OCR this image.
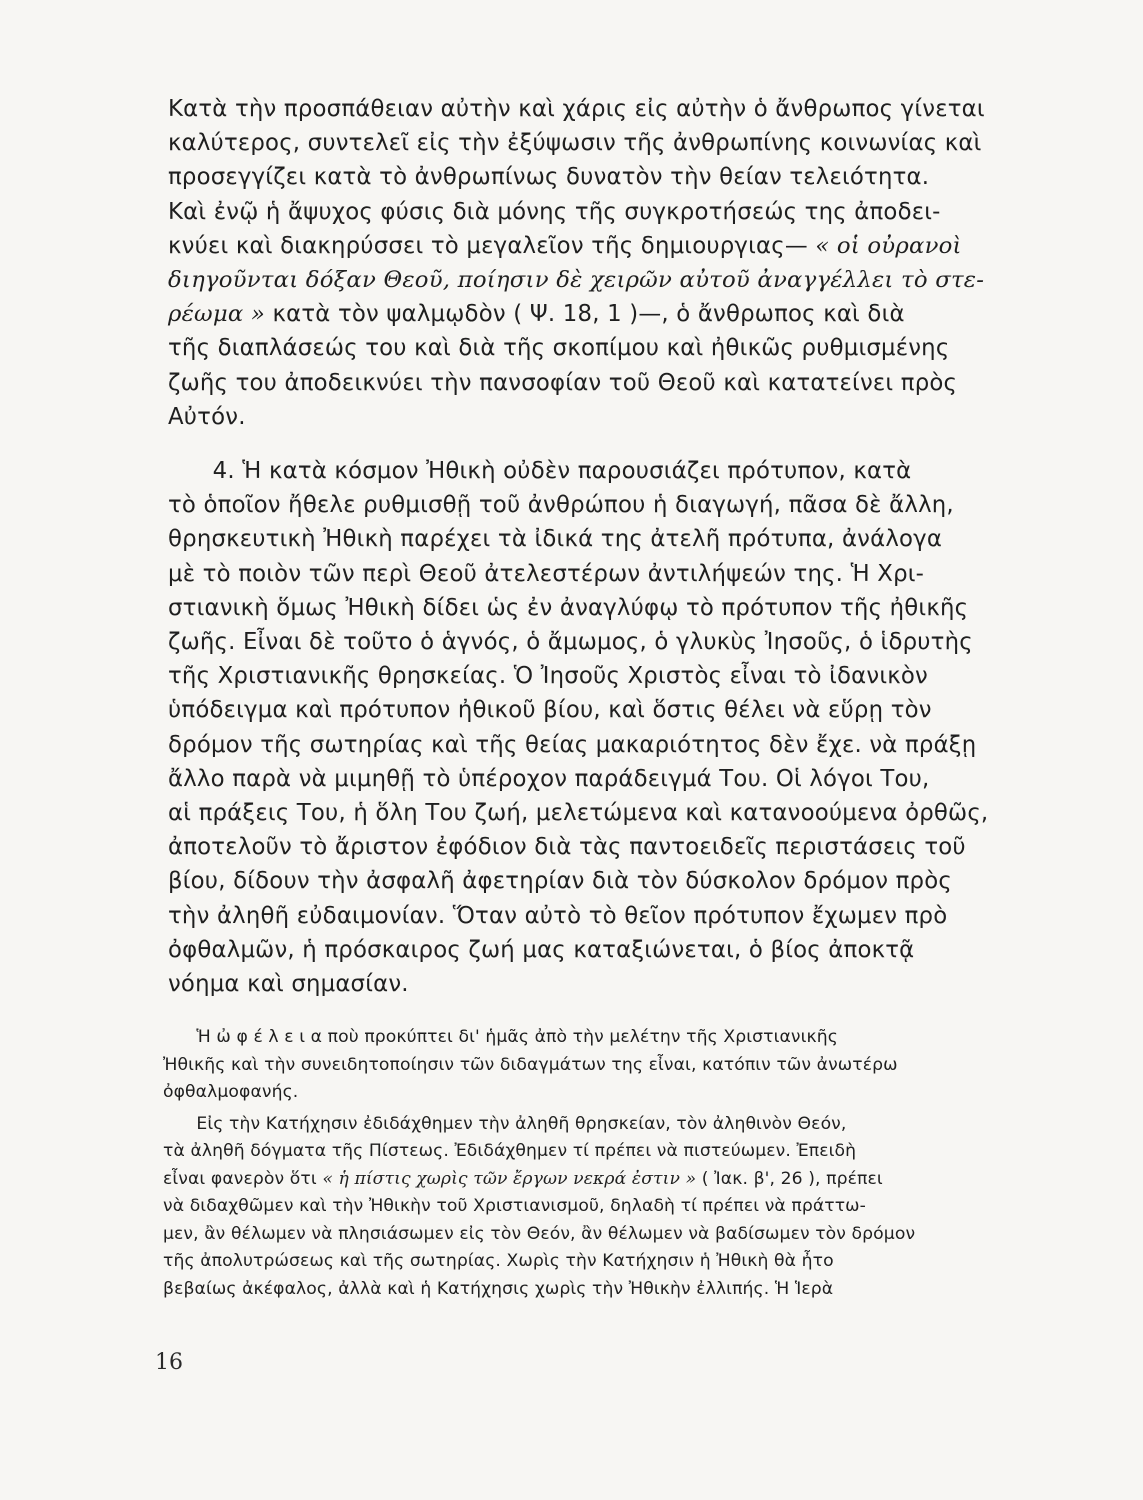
Κατὰ τὴν προσπάθειαν αὐτὴν καὶ χάρις εἰς αὐτὴν ὁ ἄνθρωπος γίνεται
καλύτερος, συντελεῖ εἰς τὴν ἐξύψωσιν τῆς ἀνθρωπίνης κοινωνίας καὶ
προσεγγίζει κατὰ τὸ ἀνθρωπίνως δυνατὸν τὴν θείαν τελειότητα.
Καὶ ἐνῷ ἡ ἄψυχος φύσις διὰ μόνης τῆς συγκροτήσεώς της ἀποδει-
κνύει καὶ διακηρύσσει τὸ μεγαλεῖον τῆς δημιουργιας— « οἱ οὐρανοὶ
διηγοῦνται δόξαν Θεοῦ, ποίησιν δὲ χειρῶν αὐτοῦ ἀναγγέλλει τὸ στε-
ρέωμα » κατὰ τὸν ψαλμῳδὸν ( Ψ. 18, 1 )—, ὁ ἄνθρωπος καὶ διὰ
τῆς διαπλάσεώς του καὶ διὰ τῆς σκοπίμου καὶ ἠθικῶς ρυθμισμένης
ζωῆς του ἀποδεικνύει τὴν πανσοφίαν τοῦ Θεοῦ καὶ κατατείνει πρὸς
Αὐτόν.
4. Ἡ κατὰ κόσμον Ἠθικὴ οὐδὲν παρουσιάζει πρότυπον, κατὰ
τὸ ὁποῖον ἤθελε ρυθμισθῇ τοῦ ἀνθρώπου ἡ διαγωγή, πᾶσα δὲ ἄλλη,
θρησκευτικὴ Ἠθικὴ παρέχει τὰ ἰδικά της ἀτελῆ πρότυπα, ἀνάλογα
μὲ τὸ ποιὸν τῶν περὶ Θεοῦ ἀτελεστέρων ἀντιλήψεών της. Ἡ Χρι-
στιανικὴ ὅμως Ἠθικὴ δίδει ὡς ἐν ἀναγλύφῳ τὸ πρότυπον τῆς ἠθικῆς
ζωῆς. Εἶναι δὲ τοῦτο ὁ ἁγνός, ὁ ἄμωμος, ὁ γλυκὺς Ἰησοῦς, ὁ ἱδρυτὴς
τῆς Χριστιανικῆς θρησκείας. Ὁ Ἰησοῦς Χριστὸς εἶναι τὸ ἰδανικὸν
ὑπόδειγμα καὶ πρότυπον ἠθικοῦ βίου, καὶ ὅστις θέλει νὰ εὕρῃ τὸν
δρόμον τῆς σωτηρίας καὶ τῆς θείας μακαριότητος δὲν ἔχε. νὰ πράξῃ
ἄλλο παρὰ νὰ μιμηθῇ τὸ ὑπέροχον παράδειγμά Του. Οἱ λόγοι Του,
αἱ πράξεις Του, ἡ ὅλη Του ζωή, μελετώμενα καὶ κατανοούμενα ὀρθῶς,
ἀποτελοῦν τὸ ἄριστον ἐφόδιον διὰ τὰς παντοειδεῖς περιστάσεις τοῦ
βίου, δίδουν τὴν ἀσφαλῆ ἀφετηρίαν διὰ τὸν δύσκολον δρόμον πρὸς
τὴν ἀληθῆ εὐδαιμονίαν. Ὅταν αὐτὸ τὸ θεῖον πρότυπον ἔχωμεν πρὸ
ὀφθαλμῶν, ἡ πρόσκαιρος ζωή μας καταξιώνεται, ὁ βίος ἀποκτᾷ
νόημα καὶ σημασίαν.
Ἡ ὠ φ έ λ ε ι α ποὺ προκύπτει δι' ἡμᾶς ἀπὸ τὴν μελέτην τῆς Χριστιανικῆς
Ἠθικῆς καὶ τὴν συνειδητοποίησιν τῶν διδαγμάτων της εἶναι, κατόπιν τῶν ἀνωτέρω
ὀφθαλμοφανής.
Εἰς τὴν Κατήχησιν ἐδιδάχθημεν τὴν ἀληθῆ θρησκείαν, τὸν ἀληθινὸν Θεόν,
τὰ ἀληθῆ δόγματα τῆς Πίστεως. Ἐδιδάχθημεν τί πρέπει νὰ πιστεύωμεν. Ἐπειδὴ
εἶναι φανερὸν ὅτι « ἡ πίστις χωρὶς τῶν ἔργων νεκρά ἐστιν » ( Ἰακ. β', 26 ), πρέπει
νὰ διδαχθῶμεν καὶ τὴν Ἠθικὴν τοῦ Χριστιανισμοῦ, δηλαδὴ τί πρέπει νὰ πράττω-
μεν, ἂν θέλωμεν νὰ πλησιάσωμεν εἰς τὸν Θεόν, ἂν θέλωμεν νὰ βαδίσωμεν τὸν δρόμον
τῆς ἀπολυτρώσεως καὶ τῆς σωτηρίας. Χωρὶς τὴν Κατήχησιν ἡ Ἠθικὴ θὰ ἦτο
βεβαίως ἀκέφαλος, ἀλλὰ καὶ ἡ Κατήχησις χωρὶς τὴν Ἠθικὴν ἐλλιπής. Ἡ Ἱερὰ
16
